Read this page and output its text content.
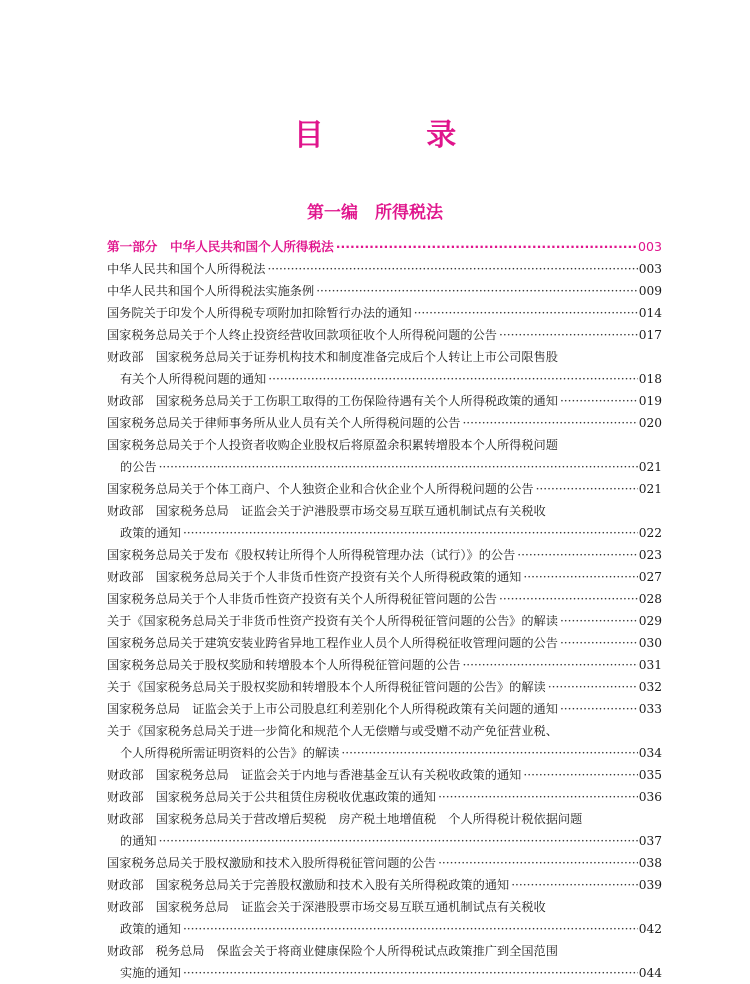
目 录
第一编　所得税法
第一部分　中华人民共和国个人所得税法 ·····	003
中华人民共和国个人所得税法 ·····	003
中华人民共和国个人所得税法实施条例 ·····	009
国务院关于印发个人所得税专项附加扣除暂行办法的通知 ·····	014
国家税务总局关于个人终止投资经营收回款项征收个人所得税问题的公告 ·····	017
财政部　国家税务总局关于证券机构技术和制度准备完成后个人转让上市公司限售股
有关个人所得税问题的通知 ·····	018
财政部　国家税务总局关于工伤职工取得的工伤保险待遇有关个人所得税政策的通知 ·····	019
国家税务总局关于律师事务所从业人员有关个人所得税问题的公告 ·····	020
国家税务总局关于个人投资者收购企业股权后将原盈余积累转增股本个人所得税问题
的公告 ·····	021
国家税务总局关于个体工商户、个人独资企业和合伙企业个人所得税问题的公告 ·····	021
财政部　国家税务总局　证监会关于沪港股票市场交易互联互通机制试点有关税收
政策的通知 ·····	022
国家税务总局关于发布《股权转让所得个人所得税管理办法（试行）》的公告 ·····	023
财政部　国家税务总局关于个人非货币性资产投资有关个人所得税政策的通知 ·····	027
国家税务总局关于个人非货币性资产投资有关个人所得税征管问题的公告 ·····	028
关于《国家税务总局关于非货币性资产投资有关个人所得税征管问题的公告》的解读 ·····	029
国家税务总局关于建筑安装业跨省异地工程作业人员个人所得税征收管理问题的公告 ·····	030
国家税务总局关于股权奖励和转增股本个人所得税征管问题的公告 ·····	031
关于《国家税务总局关于股权奖励和转增股本个人所得税征管问题的公告》的解读 ·····	032
国家税务总局　证监会关于上市公司股息红利差别化个人所得税政策有关问题的通知 ·····	033
关于《国家税务总局关于进一步简化和规范个人无偿赠与或受赠不动产免征营业税、
个人所得税所需证明资料的公告》的解读 ·····	034
财政部　国家税务总局　证监会关于内地与香港基金互认有关税收政策的通知 ·····	035
财政部　国家税务总局关于公共租赁住房税收优惠政策的通知 ·····	036
财政部　国家税务总局关于营改增后契税　房产税土地增值税　个人所得税计税依据问题
的通知 ·····	037
国家税务总局关于股权激励和技术入股所得税征管问题的公告 ·····	038
财政部　国家税务总局关于完善股权激励和技术入股有关所得税政策的通知 ·····	039
财政部　国家税务总局　证监会关于深港股票市场交易互联互通机制试点有关税收
政策的通知 ·····	042
财政部　税务总局　保监会关于将商业健康保险个人所得税试点政策推广到全国范围
实施的通知 ·····	044
